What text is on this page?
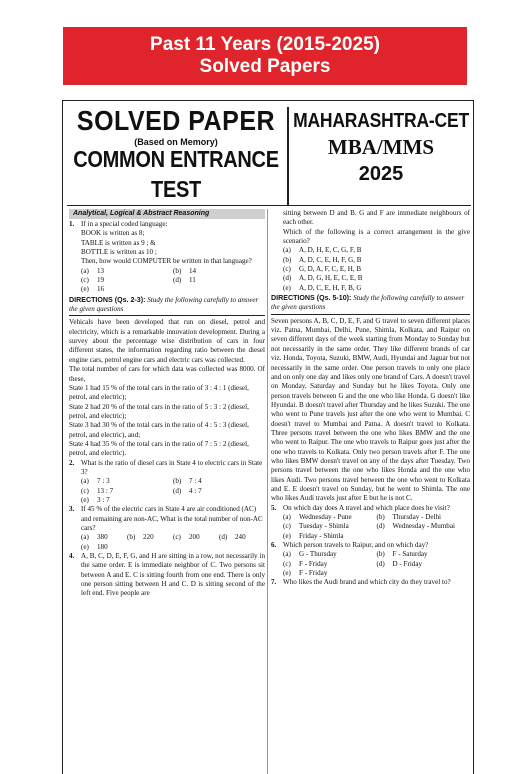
Past 11 Years (2015-2025)
Solved Papers
SOLVED PAPER
(Based on Memory)
COMMON ENTRANCE TEST
MAHARASHTRA-CET
MBA/MMS
2025
Analytical, Logical & Abstract Reasoning
1. If in a special coded language:
BOOK is written as 8;
TABLE is written as 9 ; &
BOTTLE is written as 10 ;
Then, how would COMPUTER be written in that language?
(a)	13	(b)	14
(c)	19	(d)	11
(e)	16
DIRECTIONS (Qs. 2-3): Study the following carefully to answer the given questions
Vehicals have been developed that run on diesel, petrol and electricity, which is a remarkable innovation development. During a survey about the percentage wise distribution of cars in four different states, the information regarding ratio between the diesel engine cars, petrol engine cars and electric cars was collected.
The total number of cars for which data was collected was 8000. Of these,
State 1 had 15 % of the total cars in the ratio of 3 : 4 : 1 (diesel, petrol, and electric);
State 2 had 20 % of the total cars in the ratio of 5 : 3 : 2 (diesel, petrol, and electric);
State 3 had 30 % of the total cars in the ratio of 4 : 5 : 3 (diesel, petrol, and electric), and;
State 4 had 35 % of the total cars in the ratio of 7 : 5 : 2 (diesel, petrol, and electric).
2. What is the ratio of diesel cars in State 4 to electric cars in State 3?
(a)	7 : 3	(b)	7 : 4
(c)	13 : 7	(d)	4 : 7
(e)	3 : 7
3. If 45 % of the electric cars in State 4 are air conditioned (AC) and remaining are non-AC, What is the total number of non-AC cars?
(a)	380	(b)	220	(c)	200	(d)	240
(e)	180
4. A, B, C, D, E, F, G, and H are sitting in a row, not necessarily in the same order. E is immediate neighbor of C. Two persons sit between A and E. C is sitting fourth from one end. There is only one person sitting between H and C. D is sitting second of the left end. Five people are
sitting between D and B. G and F are immediate neighbours of each other.
Which of the following is a correct arrangement in the give scenario?
(a)	A, D, H, E, C, G, F, B
(b)	A, D, C, E, H, F, G, B
(c)	G, D, A, F, C, E, H, B
(d)	A, D, G, H, E, C, E, B
(e)	A, D, C, E, H, F, B, G
DIRECTIONS (Qs. 5-10): Study the following carefully to answer the given questions
Seven persons A, B, C, D, E, F, and G travel to seven different places viz. Patna, Mumbai, Delhi, Pune, Shimla, Kolkata, and Raipur on seven different days of the week starting from Monday to Sunday but not necessarily in the same order. They like different brands of car viz. Honda, Toyota, Suzuki, BMW, Audi, Hyundai and Jaguar but not necessarily in the same order. One person travels to only one place and on only one day and likes only one brand of Cars. A doesn't travel on Monday, Saturday and Sunday but he likes Toyota. Only one person travels between G and the one who like Honda. G doesn't like Hyundai. B doesn't travel after Thursday and he likes Suzuki. The one who went to Pune travels just after the one who went to Mumbai. C doesn't travel to Mumbai and Patna. A doesn't travel to Kolkata. Three persons travel between the one who likes BMW and the one who went to Raipur. The one who travels to Raipur goes just after the one who travels to Kolkata. Only two person travels after F. The one who likes BMW doesn't travel on any of the days after Tuesday. Two persons travel between the one who likes Honda and the one who likes Audi. Two persons travel between the one who went to Kolkata and E. E doesn't travel on Sunday, but he went to Shimla. The one who likes Audi travels just after E but he is not C.
5. On which day does A travel and which place does he visit?
(a)	Wednesday - Pune	(b)	Thursday - Delhi
(c)	Tuesday - Shimla	(d)	Wednesday - Mumbai
(e)	Friday - Shimla
6. Which person travels to Raipur, and on which day?
(a)	G - Thursday	(b)	F - Saturday
(c)	F - Friday	(d)	D - Friday
(e)	F - Friday
7. Who likes the Audi brand and which city do they travel to?
